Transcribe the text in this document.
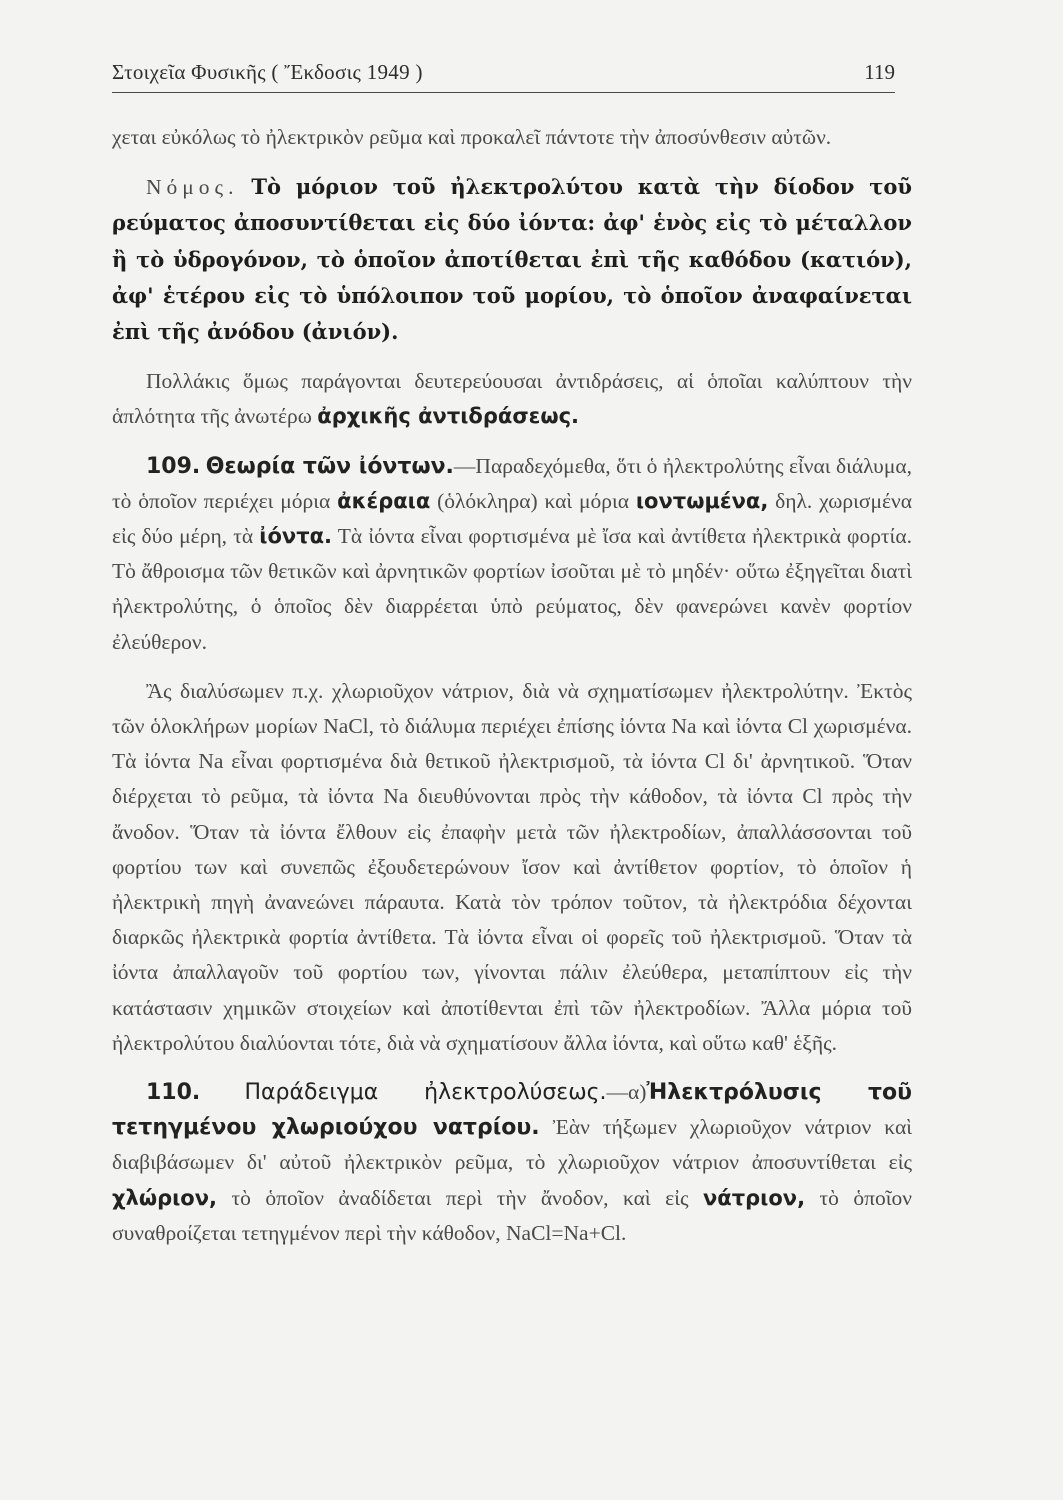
Στοιχεῖα Φυσικῆς ( Ἔκδοσις 1949 )	119

χεται εὐκόλως τὸ ἠλεκτρικὸν ρεῦμα καὶ προκαλεῖ πάντοτε τὴν ἀποσύνθεσιν αὐτῶν.

Νόμος. Τὸ μόριον τοῦ ἠλεκτρολύτου κατὰ τὴν δίοδον τοῦ ρεύματος ἀποσυντίθεται εἰς δύο ἰόντα: ἀφ' ἑνὸς εἰς τὸ μέταλλον ἢ τὸ ὑδρογόνον, τὸ ὁποῖον ἀποτίθεται ἐπὶ τῆς καθόδου (κατιόν), ἀφ' ἑτέρου εἰς τὸ ὑπόλοιπον τοῦ μορίου, τὸ ὁποῖον ἀναφαίνεται ἐπὶ τῆς ἀνόδου (ἀνιόν).

Πολλάκις ὅμως παράγονται δευτερεύουσαι ἀντιδράσεις, αἱ ὁποῖαι καλύπτουν τὴν ἁπλότητα τῆς ἀνωτέρω ἀρχικῆς ἀντιδράσεως.

109. Θεωρία τῶν ἰόντων.—Παραδεχόμεθα, ὅτι ὁ ἠλεκτρολύτης εἶναι διάλυμα, τὸ ὁποῖον περιέχει μόρια ἀκέραια (ὁλόκληρα) καὶ μόρια ιοντωμένα, δηλ. χωρισμένα εἰς δύο μέρη, τὰ ἰόντα. Τὰ ἰόντα εἶναι φορτισμένα μὲ ἴσα καὶ ἀντίθετα ἠλεκτρικὰ φορτία. Τὸ ἄθροισμα τῶν θετικῶν καὶ ἀρνητικῶν φορτίων ἰσοῦται μὲ τὸ μηδέν· οὕτω ἐξηγεῖται διατὶ ἠλεκτρολύτης, ὁ ὁποῖος δὲν διαρρέεται ὑπὸ ρεύματος, δὲν φανερώνει κανὲν φορτίον ἐλεύθερον.

Ἂς διαλύσωμεν π.χ. χλωριοῦχον νάτριον, διὰ νὰ σχηματίσωμεν ἠλεκτρολύτην. Ἐκτὸς τῶν ὁλοκλήρων μορίων NaCl, τὸ διάλυμα περιέχει ἐπίσης ἰόντα Na καὶ ἰόντα Cl χωρισμένα. Τὰ ἰόντα Na εἶναι φορτισμένα διὰ θετικοῦ ἠλεκτρισμοῦ, τὰ ἰόντα Cl δι' ἀρνητικοῦ. Ὅταν διέρχεται τὸ ρεῦμα, τὰ ἰόντα Na διευθύνονται πρὸς τὴν κάθοδον, τὰ ἰόντα Cl πρὸς τὴν ἄνοδον. Ὅταν τὰ ἰόντα ἔλθουν εἰς ἐπαφὴν μετὰ τῶν ἠλεκτροδίων, ἀπαλλάσσονται τοῦ φορτίου των καὶ συνεπῶς ἐξουδετερώνουν ἴσον καὶ ἀντίθετον φορτίον, τὸ ὁποῖον ἡ ἠλεκτρικὴ πηγὴ ἀνανεώνει πάραυτα. Κατὰ τὸν τρόπον τοῦτον, τὰ ἠλεκτρόδια δέχονται διαρκῶς ἠλεκτρικὰ φορτία ἀντίθετα. Τὰ ἰόντα εἶναι οἱ φορεῖς τοῦ ἠλεκτρισμοῦ. Ὅταν τὰ ἰόντα ἀπαλλαγοῦν τοῦ φορτίου των, γίνονται πάλιν ἐλεύθερα, μεταπίπτουν εἰς τὴν κατάστασιν χημικῶν στοιχείων καὶ ἀποτίθενται ἐπὶ τῶν ἠλεκτροδίων. Ἄλλα μόρια τοῦ ἠλεκτρολύτου διαλύονται τότε, διὰ νὰ σχηματίσουν ἄλλα ἰόντα, καὶ οὕτω καθ' ἑξῆς.

110. Παράδειγμα ἠλεκτρολύσεως.—α)Ἠλεκτρόλυσις τοῦ τετηγμένου χλωριούχου νατρίου. Ἐὰν τήξωμεν χλωριοῦχον νάτριον καὶ διαβιβάσωμεν δι' αὐτοῦ ἠλεκτρικὸν ρεῦμα, τὸ χλωριοῦχον νάτριον ἀποσυντίθεται εἰς χλώριον, τὸ ὁποῖον ἀναδίδεται περὶ τὴν ἄνοδον, καὶ εἰς νάτριον, τὸ ὁποῖον συναθροίζεται τετηγμένον περὶ τὴν κάθοδον, NaCl=Na+Cl.
